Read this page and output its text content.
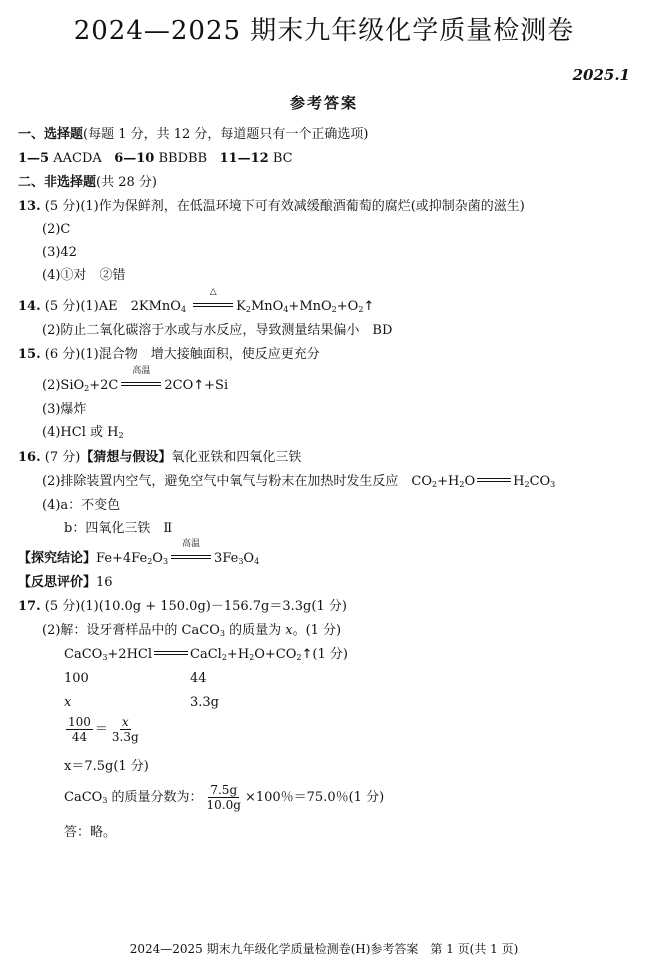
2024—2025 期末九年级化学质量检测卷
2025.1
参考答案
一、选择题(每题 1 分，共 12 分，每道题只有一个正确选项)
1—5 AACDA 6—10 BBDBB 11—12 BC
二、非选择题(共 28 分)
13. (5 分)(1)作为保鲜剂，在低温环境下可有效减缓酿酒葡萄的腐烂(或抑制杂菌的滋生)
(2)C
(3)42
(4)①对　②错
14. (5 分)(1)AE　2KMnO$_4$
△
$K_2MnO_4+MnO_2+O_2↑$
(2)防止二氧化碳溶于水或与水反应，导致测量结果偏小　BD
15. (6 分)(1)混合物　增大接触面积，使反应更充分
(2)SiO$_2$+2C
高温
2CO↑+Si
(3)爆炸
(4)HCl 或 $H_2$
16. (7 分)【猜想与假设】氧化亚铁和四氧化三铁
(2)排除装置内空气，避免空气中氧气与粉末在加热时发生反应　$CO_2+H_2O$	$H_2CO_3$
(4)a：不变色
b：四氧化三铁　Ⅱ
【探究结论】$Fe+4Fe_2O_3$
高温
$3Fe_3O_4$
【反思评价】16
17. (5 分)(1)(10.0g + 150.0g)－156.7g＝3.3g(1 分)
(2)解：设牙膏样品中的 CaCO$_3$ 的质量为 x。(1 分)
CaCO$_3$+2HCl	$CaCl_2+H_2O+CO_2↑(1$ 分)
100	44
x	3.3g
$\frac{100}{44} = \frac{x}{3.3g}$
x＝7.5g(1 分)
CaCO$_3$ 的质量分数为： $\frac{7.5g}{10.0g} \times 100$％＝75.0％(1 分)
答：略。
2024—2025 期末九年级化学质量检测卷(H)参考答案　第 1 页(共 1 页)
